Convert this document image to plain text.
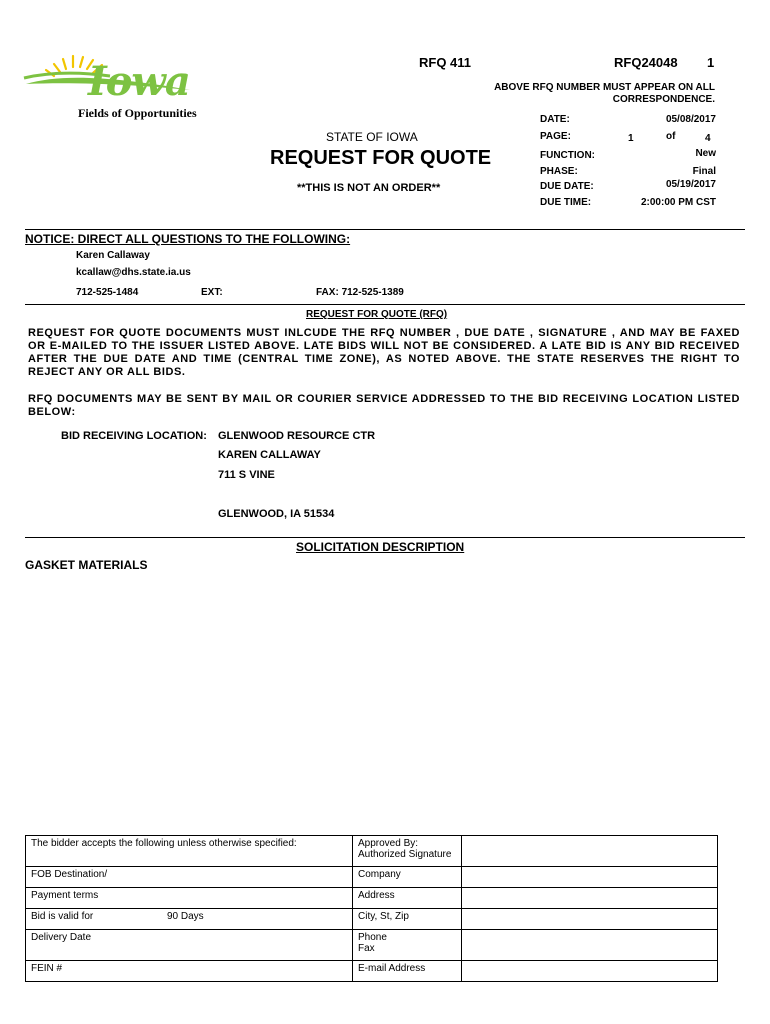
Iowa
Fields of Opportunities
RFQ 411	RFQ24048 1
ABOVE RFQ NUMBER MUST APPEAR ON ALL
CORRESPONDENCE.
STATE OF IOWA
REQUEST FOR QUOTE
**THIS IS NOT AN ORDER**
DATE:	05/08/2017
PAGE:	1	of	4
FUNCTION:	New
PHASE:	Final
DUE DATE:	05/19/2017
DUE TIME:	2:00:00 PM CST
NOTICE: DIRECT ALL QUESTIONS TO THE FOLLOWING:
Karen Callaway
kcallaw@dhs.state.ia.us
712-525-1484	EXT:	FAX: 712-525-1389
REQUEST FOR QUOTE (RFQ)
REQUEST FOR QUOTE DOCUMENTS MUST INLCUDE THE RFQ NUMBER , DUE DATE , SIGNATURE , AND MAY BE FAXED OR E-MAILED TO THE ISSUER LISTED ABOVE. LATE BIDS WILL NOT BE CONSIDERED. A LATE BID IS ANY BID RECEIVED AFTER THE DUE DATE AND TIME (CENTRAL TIME ZONE), AS NOTED ABOVE. THE STATE RESERVES THE RIGHT TO REJECT ANY OR ALL BIDS.
RFQ DOCUMENTS MAY BE SENT BY MAIL OR COURIER SERVICE ADDRESSED TO THE BID RECEIVING LOCATION LISTED BELOW:
BID RECEIVING LOCATION: GLENWOOD RESOURCE CTR
KAREN CALLAWAY
711 S VINE
GLENWOOD, IA 51534
SOLICITATION DESCRIPTION
GASKET MATERIALS
The bidder accepts the following unless otherwise specified:	Approved By:
Authorized Signature	

FOB Destination/	Company	
Payment terms	Address	
Bid is valid for 90 Days	City, St, Zip	
Delivery Date	Phone
Fax	

FEIN #	E-mail Address	
